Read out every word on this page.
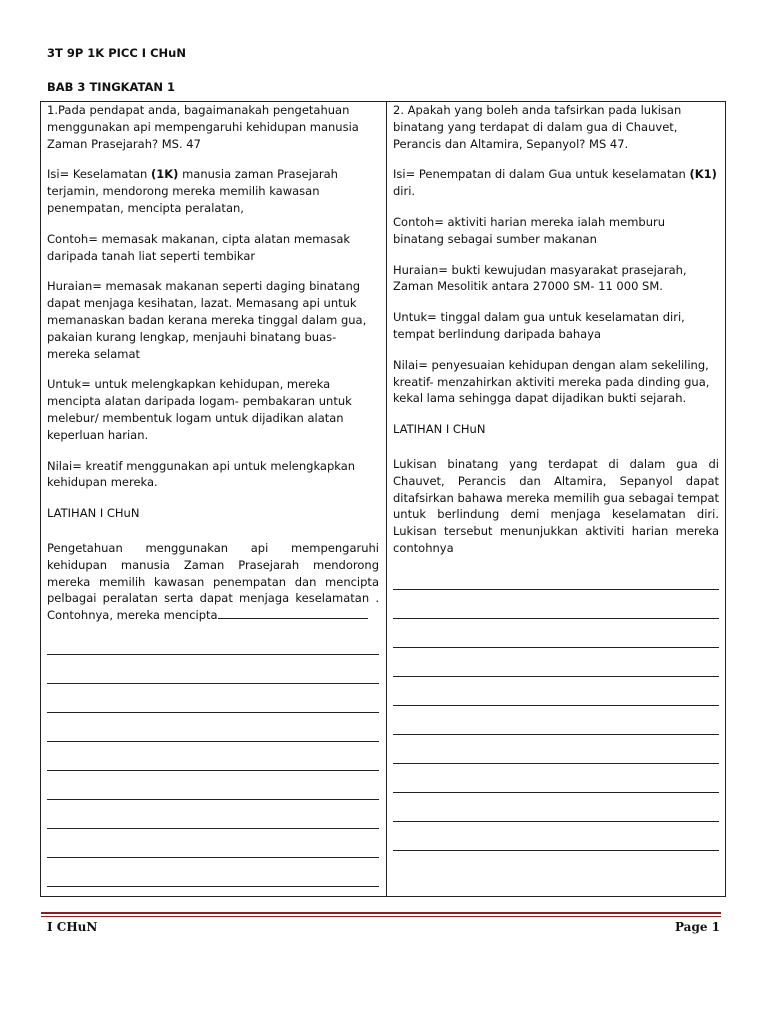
3T 9P 1K PICC I CHuN
BAB 3 TINGKATAN 1

1.Pada pendapat anda, bagaimanakah pengetahuan menggunakan api mempengaruhi kehidupan manusia Zaman Prasejarah? MS. 47

Isi= Keselamatan (1K) manusia zaman Prasejarah terjamin, mendorong mereka memilih kawasan penempatan, mencipta peralatan,

Contoh= memasak makanan, cipta alatan memasak daripada tanah liat seperti tembikar

Huraian= memasak makanan seperti daging binatang dapat menjaga kesihatan, lazat. Memasang api untuk memanaskan badan kerana mereka tinggal dalam gua, pakaian kurang lengkap, menjauhi binatang buas- mereka selamat

Untuk= untuk melengkapkan kehidupan, mereka mencipta alatan daripada logam- pembakaran untuk melebur/ membentuk logam untuk dijadikan alatan keperluan harian.

Nilai= kreatif menggunakan api untuk melengkapkan kehidupan mereka.

LATIHAN I CHuN

Pengetahuan menggunakan api mempengaruhi kehidupan manusia Zaman Prasejarah mendorong mereka memilih kawasan penempatan dan mencipta pelbagai peralatan serta dapat menjaga keselamatan . Contohnya, mereka mencipta

2. Apakah yang boleh anda tafsirkan pada lukisan binatang yang terdapat di dalam gua di Chauvet, Perancis dan Altamira, Sepanyol? MS 47.

Isi= Penempatan di dalam Gua untuk keselamatan (K1) diri.

Contoh= aktiviti harian mereka ialah memburu binatang sebagai sumber makanan

Huraian= bukti kewujudan masyarakat prasejarah, Zaman Mesolitik antara 27000 SM- 11 000 SM.

Untuk= tinggal dalam gua untuk keselamatan diri, tempat berlindung daripada bahaya

Nilai= penyesuaian kehidupan dengan alam sekeliling, kreatif- menzahirkan aktiviti mereka pada dinding gua, kekal lama sehingga dapat dijadikan bukti sejarah.

LATIHAN I CHuN

Lukisan binatang yang terdapat di dalam gua di Chauvet, Perancis dan Altamira, Sepanyol dapat ditafsirkan bahawa mereka memilih gua sebagai tempat untuk berlindung demi menjaga keselamatan diri. Lukisan tersebut menunjukkan aktiviti harian mereka contohnya

I CHuN	Page 1
